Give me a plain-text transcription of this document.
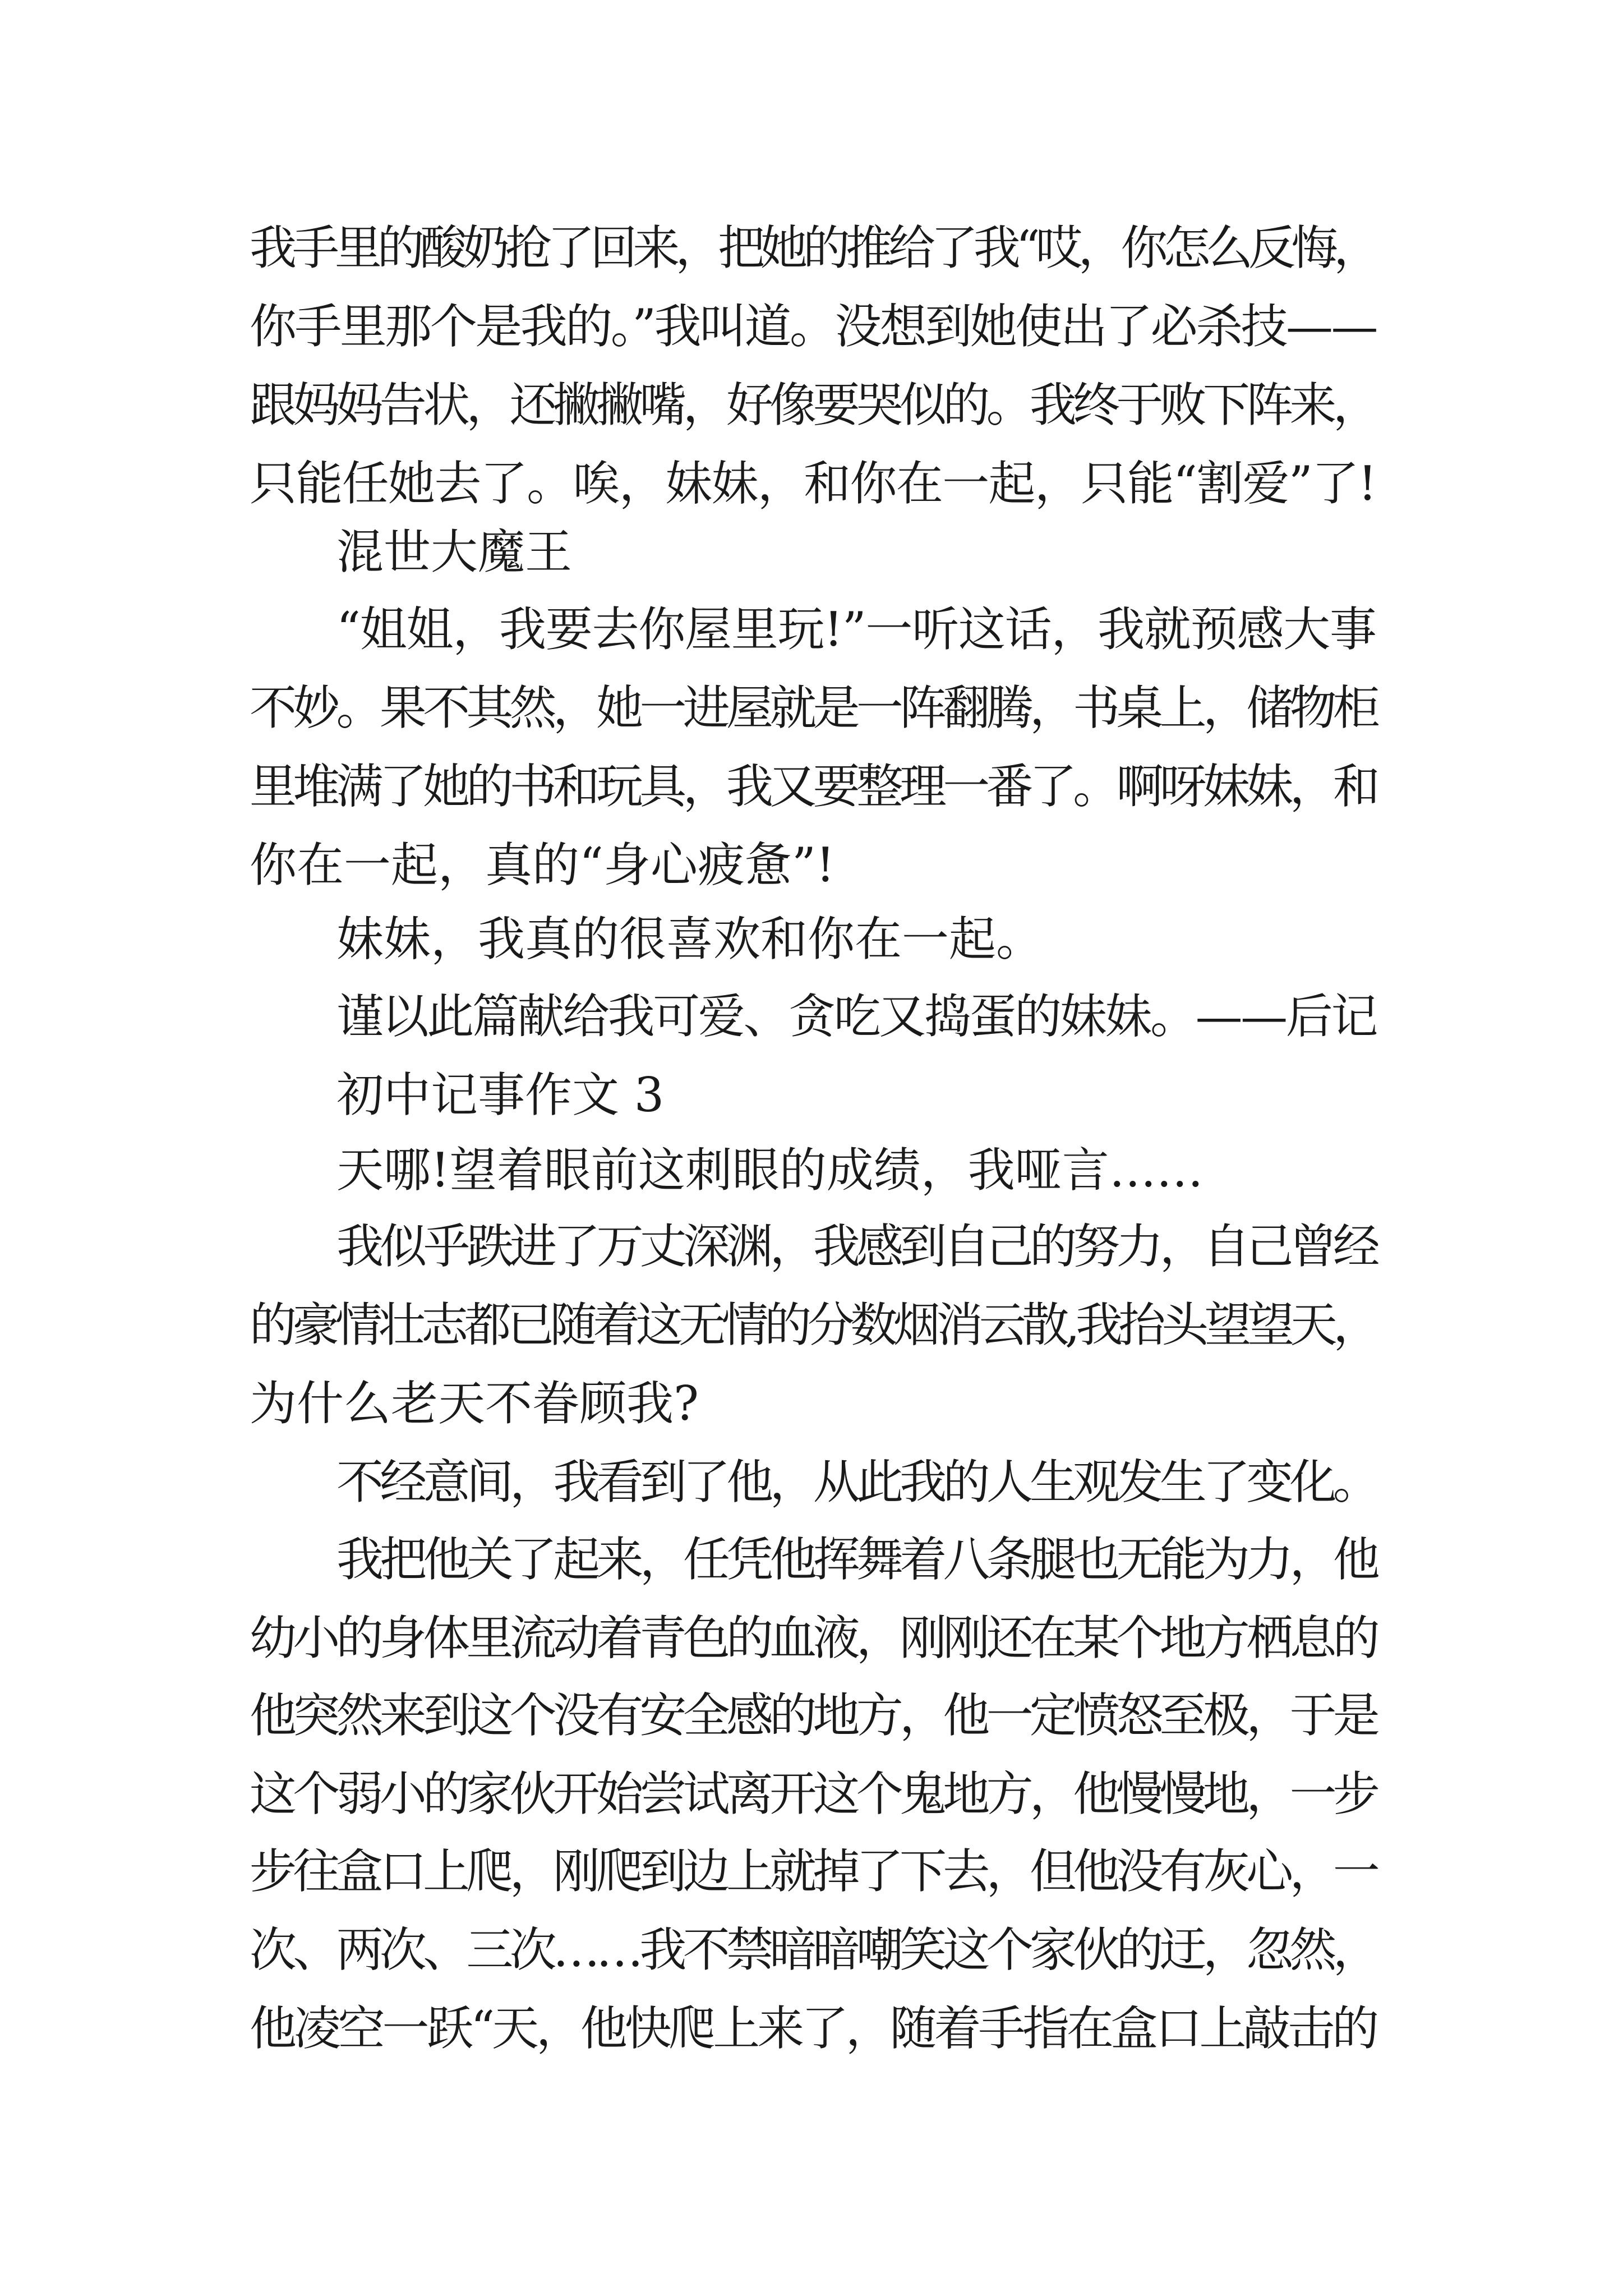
我手里的酸奶抢了回来，把她的推给了我“哎，你怎么反悔，
你手里那个是我的。”我叫道。没想到她使出了必杀技——
跟妈妈告状，还撇撇嘴，好像要哭似的。我终于败下阵来，
只能任她去了。唉，妹妹，和你在一起，只能“割爱”了!
混世大魔王
“姐姐，我要去你屋里玩!”一听这话，我就预感大事
不妙。果不其然，她一进屋就是一阵翻腾，书桌上，储物柜
里堆满了她的书和玩具，我又要整理一番了。啊呀妹妹，和
你在一起，真的“身心疲惫”!
妹妹，我真的很喜欢和你在一起。
谨以此篇献给我可爱、贪吃又捣蛋的妹妹。——后记
初中记事作文 3
天哪!望着眼前这刺眼的成绩，我哑言……
我似乎跌进了万丈深渊，我感到自己的努力，自己曾经
的豪情壮志都已随着这无情的分数烟消云散,我抬头望望天，
为什么老天不眷顾我?
不经意间，我看到了他，从此我的人生观发生了变化。
我把他关了起来，任凭他挥舞着八条腿也无能为力，他
幼小的身体里流动着青色的血液，刚刚还在某个地方栖息的
他突然来到这个没有安全感的地方，他一定愤怒至极，于是
这个弱小的家伙开始尝试离开这个鬼地方，他慢慢地，一步
步往盒口上爬，刚爬到边上就掉了下去，但他没有灰心，一
次、两次、三次……我不禁暗暗嘲笑这个家伙的迂，忽然，
他凌空一跃“天，他快爬上来了，随着手指在盒口上敲击的
